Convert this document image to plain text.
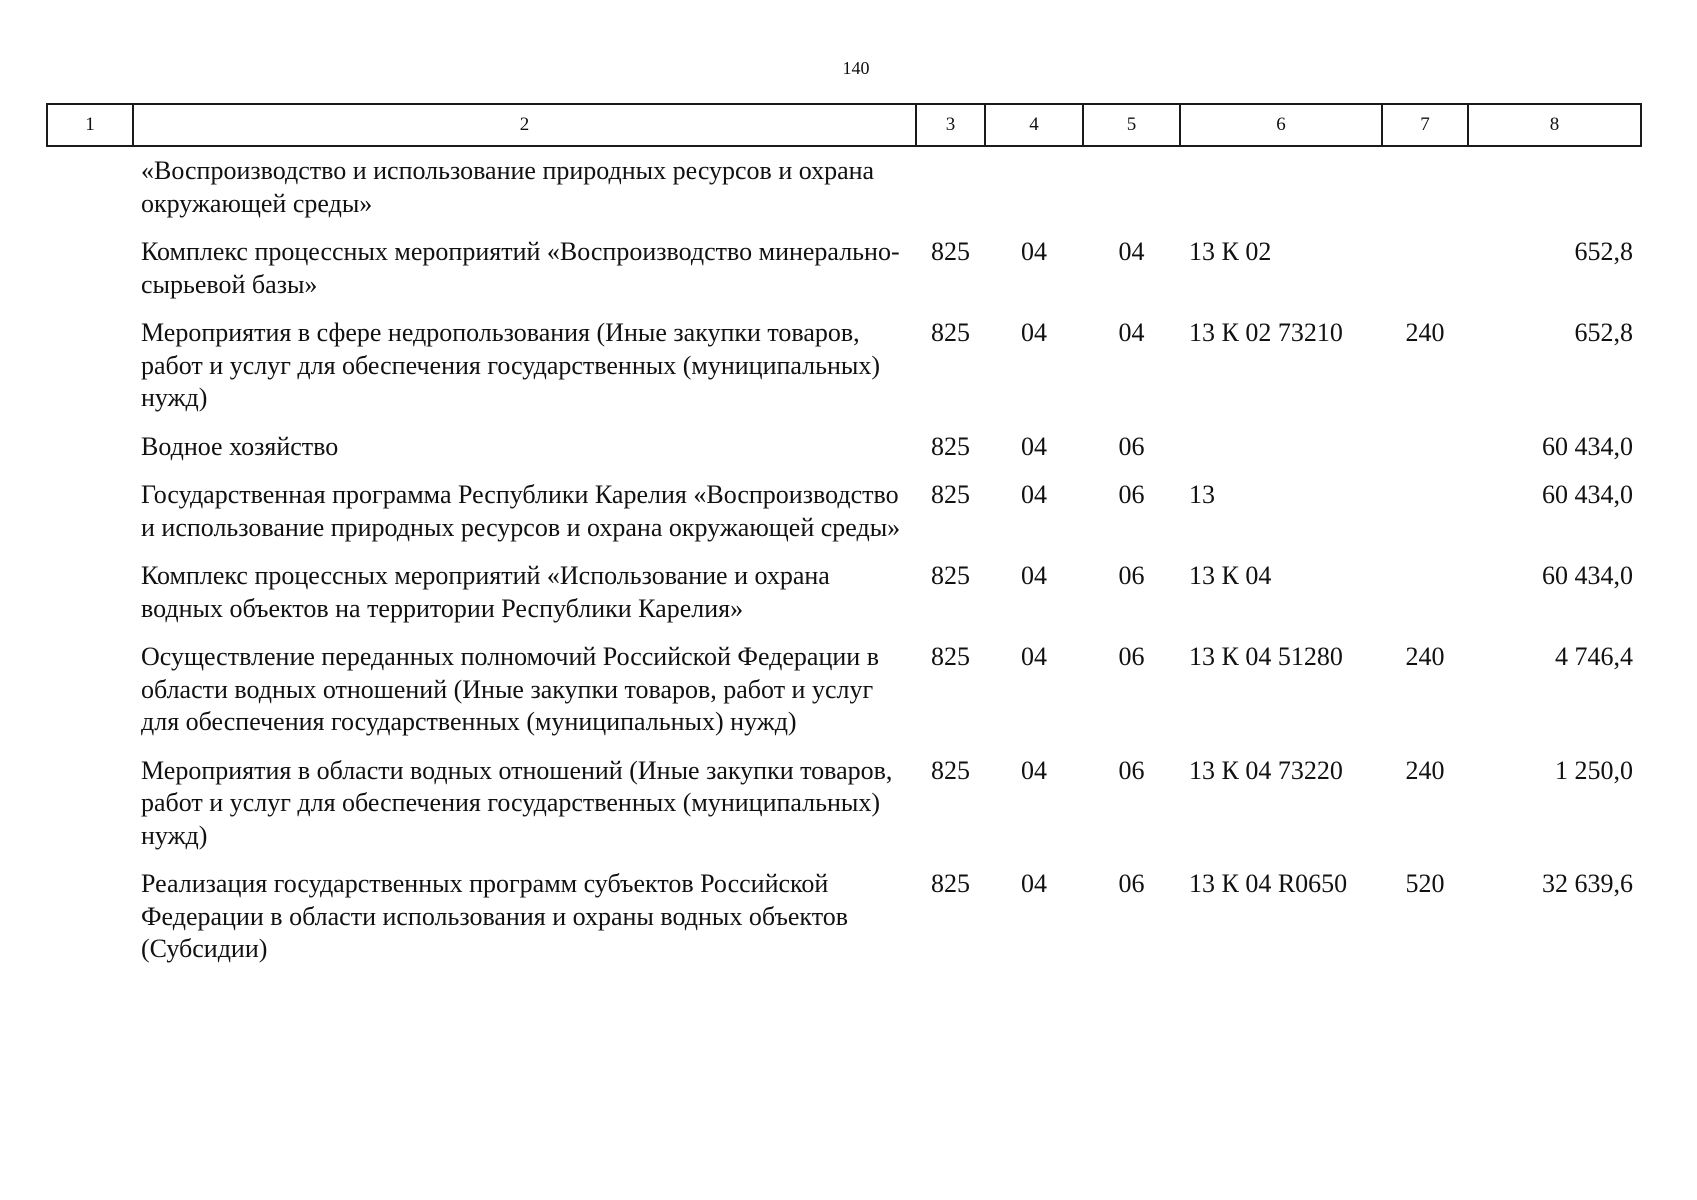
140
1	2	3	4	5	6	7	8
	«Воспроизводство и использование природных ресурсов и охрана окружающей среды»						
	Комплекс процессных мероприятий «Воспроизводство минерально-сырьевой базы»	825	04	04	13 К 02		652,8
	Мероприятия в сфере недропользования (Иные закупки товаров, работ и услуг для обеспечения государственных (муниципальных) нужд)	825	04	04	13 К 02 73210	240	652,8
	Водное хозяйство	825	04	06			60 434,0
	Государственная программа Республики Карелия «Воспроизводство и использование природных ресурсов и охрана окружающей среды»	825	04	06	13		60 434,0
	Комплекс процессных мероприятий «Использование и охрана водных объектов на территории Республики Карелия»	825	04	06	13 К 04		60 434,0
	Осуществление переданных полномочий Российской Федерации в области водных отношений (Иные закупки товаров, работ и услуг для обеспечения государственных (муниципальных) нужд)	825	04	06	13 К 04 51280	240	4 746,4
	Мероприятия в области водных отношений (Иные закупки товаров, работ и услуг для обеспечения государственных (муниципальных) нужд)	825	04	06	13 К 04 73220	240	1 250,0
	Реализация государственных программ субъектов Российской Федерации в области использования и охраны водных объектов (Субсидии)	825	04	06	13 К 04 R0650	520	32 639,6
